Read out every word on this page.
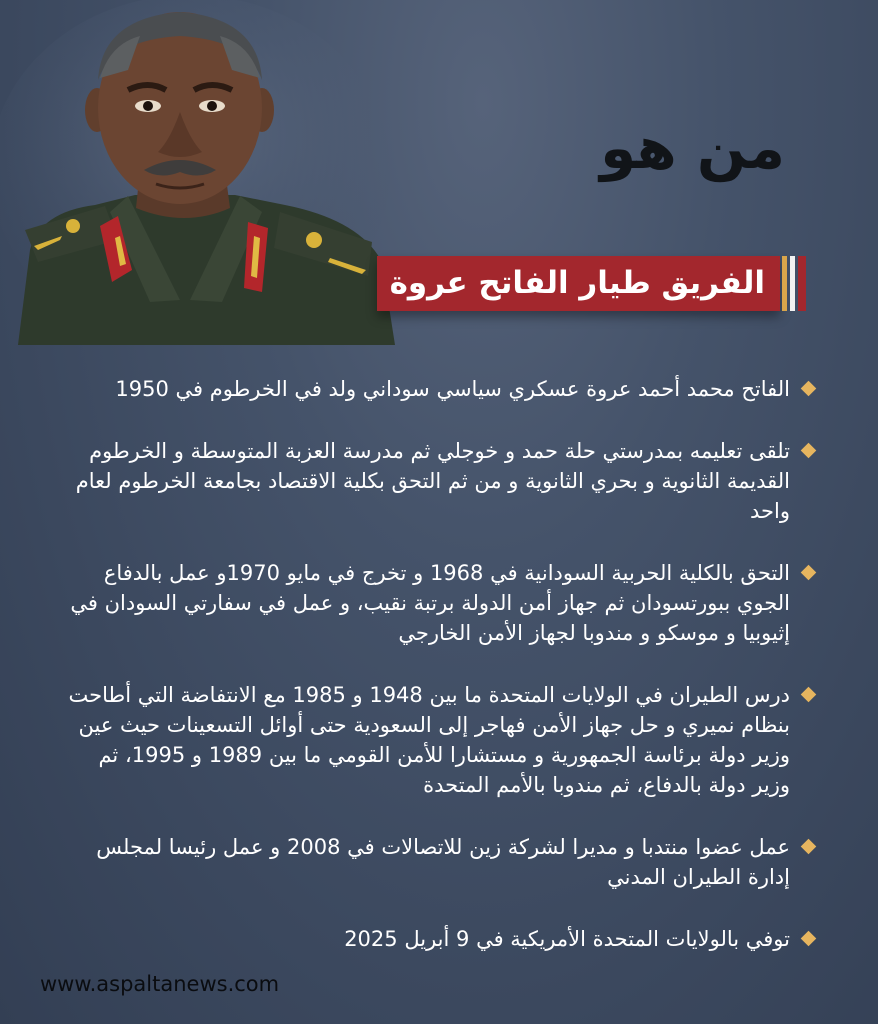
من هو
الفريق طيار الفاتح عروة
الفاتح محمد أحمد عروة عسكري سياسي سوداني ولد في الخرطوم في 1950
تلقى تعليمه بمدرستي حلة حمد و خوجلي ثم مدرسة العزبة المتوسطة و الخرطوم القديمة الثانوية و بحري الثانوية و من ثم التحق بكلية الاقتصاد بجامعة الخرطوم لعام واحد
التحق بالكلية الحربية السودانية في 1968 و تخرج في مايو 1970و عمل بالدفاع الجوي ببورتسودان ثم جهاز أمن الدولة برتبة نقيب، و عمل في سفارتي السودان في إثيوبيا و موسكو و مندوبا لجهاز الأمن الخارجي
درس الطيران في الولايات المتحدة ما بين 1948 و 1985 مع الانتفاضة التي أطاحت بنظام نميري و حل جهاز الأمن فهاجر إلى السعودية حتى أوائل التسعينات حيث عين وزير دولة برئاسة الجمهورية و مستشارا للأمن القومي ما بين 1989 و 1995، ثم وزير دولة بالدفاع، ثم مندوبا بالأمم المتحدة
عمل عضوا منتدبا و مديرا لشركة زين للاتصالات في 2008 و عمل رئيسا لمجلس إدارة الطيران المدني
توفي بالولايات المتحدة الأمريكية في 9 أبريل 2025
www.aspaltanews.com
